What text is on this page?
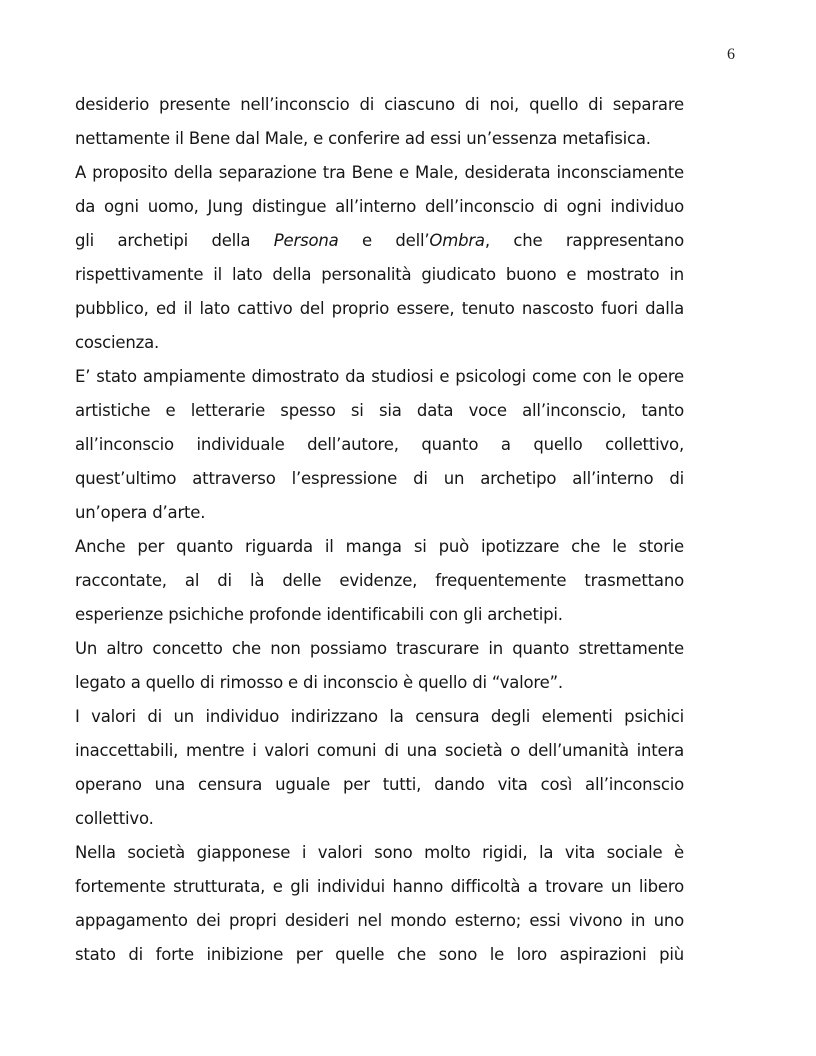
6
desiderio presente nell’inconscio di ciascuno di noi, quello di separare
nettamente il Bene dal Male, e conferire ad essi un’essenza metafisica.
A proposito della separazione tra Bene e Male, desiderata inconsciamente
da ogni uomo, Jung distingue all’interno dell’inconscio di ogni individuo
gli archetipi della Persona e dell’Ombra, che rappresentano
rispettivamente il lato della personalità giudicato buono e mostrato in
pubblico, ed il lato cattivo del proprio essere, tenuto nascosto fuori dalla
coscienza.
E’ stato ampiamente dimostrato da studiosi e psicologi come con le opere
artistiche e letterarie spesso si sia data voce all’inconscio, tanto
all’inconscio individuale dell’autore, quanto a quello collettivo,
quest’ultimo attraverso l’espressione di un archetipo all’interno di
un’opera d’arte.
Anche per quanto riguarda il manga si può ipotizzare che le storie
raccontate, al di là delle evidenze, frequentemente trasmettano
esperienze psichiche profonde identificabili con gli archetipi.
Un altro concetto che non possiamo trascurare in quanto strettamente
legato a quello di rimosso e di inconscio è quello di “valore”.
I valori di un individuo indirizzano la censura degli elementi psichici
inaccettabili, mentre i valori comuni di una società o dell’umanità intera
operano una censura uguale per tutti, dando vita così all’inconscio
collettivo.
Nella società giapponese i valori sono molto rigidi, la vita sociale è
fortemente strutturata, e gli individui hanno difficoltà a trovare un libero
appagamento dei propri desideri nel mondo esterno; essi vivono in uno
stato di forte inibizione per quelle che sono le loro aspirazioni più
